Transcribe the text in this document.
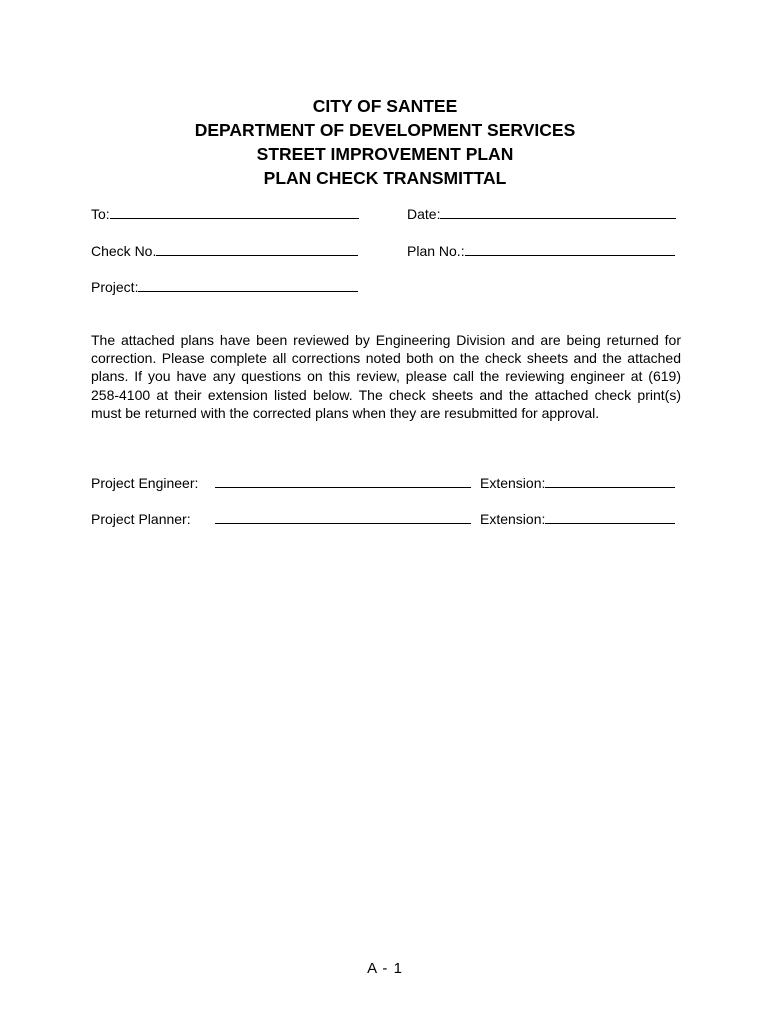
CITY OF SANTEE
DEPARTMENT OF DEVELOPMENT SERVICES
STREET IMPROVEMENT PLAN
PLAN CHECK TRANSMITTAL
To:	Date:
Check No.	Plan No.:
Project:
The attached plans have been reviewed by Engineering Division and are being returned for correction. Please complete all corrections noted both on the check sheets and the attached plans. If you have any questions on this review, please call the reviewing engineer at (619) 258-4100 at their extension listed below. The check sheets and the attached check print(s) must be returned with the corrected plans when they are resubmitted for approval.
Project Engineer:	Extension:
Project Planner:	Extension:
A - 1
